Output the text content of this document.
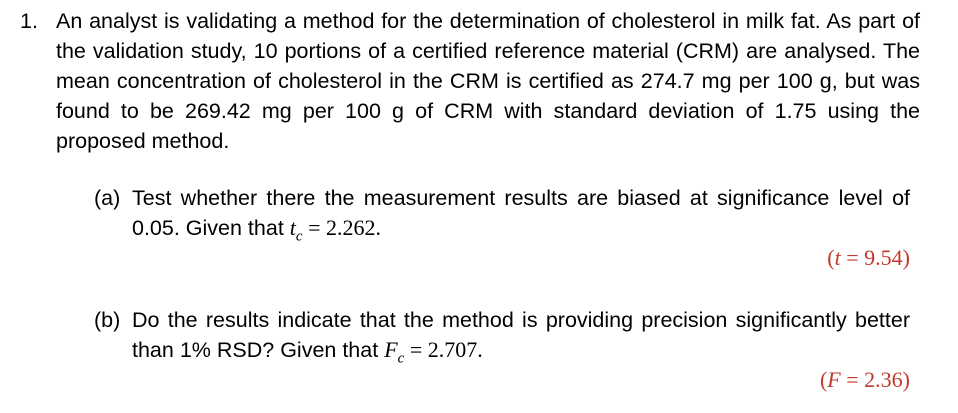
1. An analyst is validating a method for the determination of cholesterol in milk fat. As part of the validation study, 10 portions of a certified reference material (CRM) are analysed. The mean concentration of cholesterol in the CRM is certified as 274.7 mg per 100 g, but was found to be 269.42 mg per 100 g of CRM with standard deviation of 1.75 using the proposed method.
(a) Test whether there the measurement results are biased at significance level of 0.05. Given that $t_c = 2.262$.
(t = 9.54)
(b) Do the results indicate that the method is providing precision significantly better than 1% RSD? Given that $F_c = 2.707$.
(F = 2.36)
